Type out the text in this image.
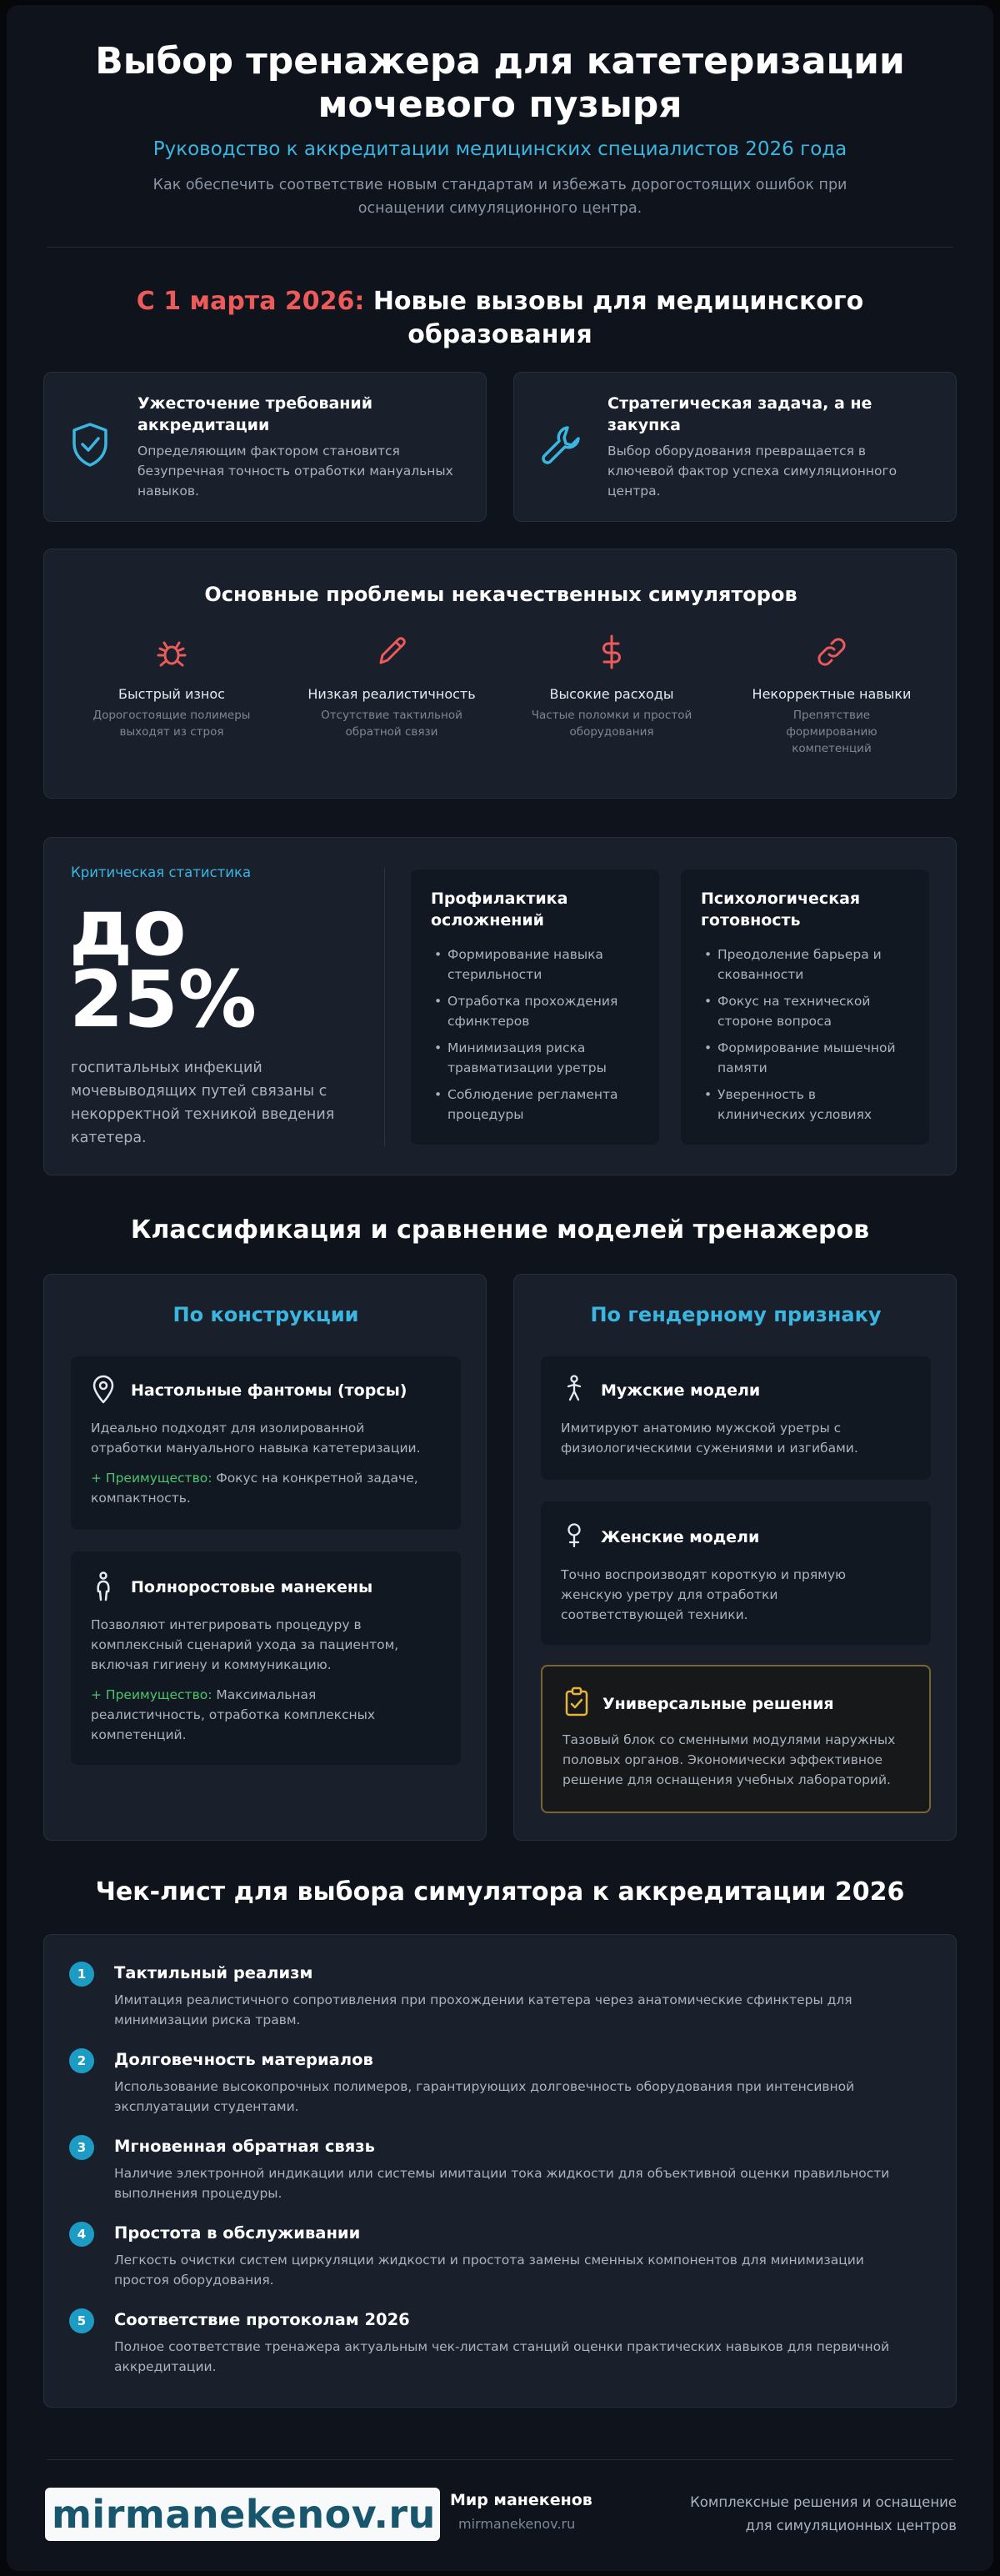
Выбор тренажера для катетеризации
мочевого пузыря
Руководство к аккредитации медицинских специалистов 2026 года
Как обеспечить соответствие новым стандартам и избежать дорогостоящих ошибок при
оснащении симуляционного центра.
С 1 марта 2026: Новые вызовы для медицинского
образования
Ужесточение требований
аккредитации
Определяющим фактором становится
безупречная точность отработки мануальных
навыков.
Стратегическая задача, а не
закупка
Выбор оборудования превращается в
ключевой фактор успеха симуляционного
центра.
Основные проблемы некачественных симуляторов
Быстрый износ
Дорогостоящие полимеры
выходят из строя
Низкая реалистичность
Отсутствие тактильной
обратной связи
Высокие расходы
Частые поломки и простой
оборудования
Некорректные навыки
Препятствие
формированию
компетенций
Критическая статистика
до
25%
госпитальных инфекций
мочевыводящих путей связаны с
некорректной техникой введения
катетера.
Профилактика
осложнений
• Формирование навыка
стерильности
• Отработка прохождения
сфинктеров
• Минимизация риска
травматизации уретры
• Соблюдение регламента
процедуры
Психологическая
готовность
• Преодоление барьера и
скованности
• Фокус на технической
стороне вопроса
• Формирование мышечной
памяти
• Уверенность в
клинических условиях
Классификация и сравнение моделей тренажеров
По конструкции
Настольные фантомы (торсы)
Идеально подходят для изолированной
отработки мануального навыка катетеризации.
+ Преимущество: Фокус на конкретной задаче,
компактность.
Полноростовые манекены
Позволяют интегрировать процедуру в
комплексный сценарий ухода за пациентом,
включая гигиену и коммуникацию.
+ Преимущество: Максимальная
реалистичность, отработка комплексных
компетенций.
По гендерному признаку
Мужские модели
Имитируют анатомию мужской уретры с
физиологическими сужениями и изгибами.
Женские модели
Точно воспроизводят короткую и прямую
женскую уретру для отработки
соответствующей техники.
Универсальные решения
Тазовый блок со сменными модулями наружных
половых органов. Экономически эффективное
решение для оснащения учебных лабораторий.
Чек-лист для выбора симулятора к аккредитации 2026
1	Тактильный реализм
Имитация реалистичного сопротивления при прохождении катетера через анатомические сфинктеры для
минимизации риска травм.
2	Долговечность материалов
Использование высокопрочных полимеров, гарантирующих долговечность оборудования при интенсивной
эксплуатации студентами.
3	Мгновенная обратная связь
Наличие электронной индикации или системы имитации тока жидкости для объективной оценки правильности
выполнения процедуры.
4	Простота в обслуживании
Легкость очистки систем циркуляции жидкости и простота замены сменных компонентов для минимизации
простоя оборудования.
5	Соответствие протоколам 2026
Полное соответствие тренажера актуальным чек-листам станций оценки практических навыков для первичной
аккредитации.
mirmanekenov.ru Мир манекенов
mirmanekenov.ru
Комплексные решения и оснащение
для симуляционных центров
